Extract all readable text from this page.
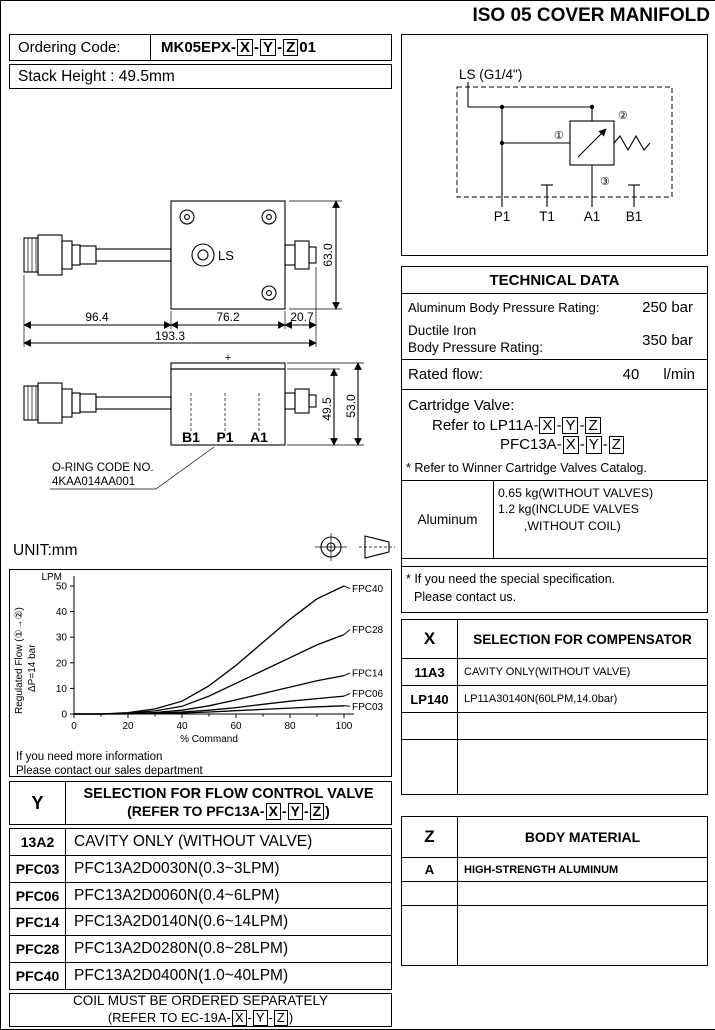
ISO 05 COVER MANIFOLD
Ordering Code:	MK05EPX- X - Y - Z 01
Stack Height : 49.5mm	LS (G1/4")
②
①
③
P1 T1 A1 B1
LS
96.4	76.2	20.7
193.3
63.0
+
B1 P1 A1
49.5 53.0
O-RING CODE NO.
4KAA014AA001
UNIT:mm
0
10
20
30
40
50
0	20	40	60	80	100
% Command
LPM
Regulated Flow (①→②) ΔP=14 bar
FPC40
FPC28
FPC14
FPC06
FPC03
If you need more information
Please contact our sales department
TECHNICAL DATA
Aluminum Body Pressure Rating:	250 bar
Ductile Iron
Body Pressure Rating:	350 bar
Rated flow:	40 l/min
Cartridge Valve:
Refer to LP11A- X - Y - Z
PFC13A- X - Y - Z
* Refer to Winner Cartridge Valves Catalog.
Aluminum
0.65 kg(WITHOUT VALVES)
1.2 kg(INCLUDE VALVES
,WITHOUT COIL)
* If you need the special specification.
Please contact us.
X	SELECTION FOR COMPENSATOR
11A3	CAVITY ONLY(WITHOUT VALVE)
LP140	LP11A30140N(60LPM,14.0bar)
Z	BODY MATERIAL
A	HIGH-STRENGTH ALUMINUM
Y	SELECTION FOR FLOW CONTROL VALVE
(REFER TO PFC13A- X - Y - Z )
13A2	CAVITY ONLY (WITHOUT VALVE)
PFC03 PFC13A2D0030N(0.3~3LPM)
PFC06 PFC13A2D0060N(0.4~6LPM)
PFC14 PFC13A2D0140N(0.6~14LPM)
PFC28 PFC13A2D0280N(0.8~28LPM)
PFC40 PFC13A2D0400N(1.0~40LPM)
COIL MUST BE ORDERED SEPARATELY
(REFER TO EC-19A- X - Y - Z )
